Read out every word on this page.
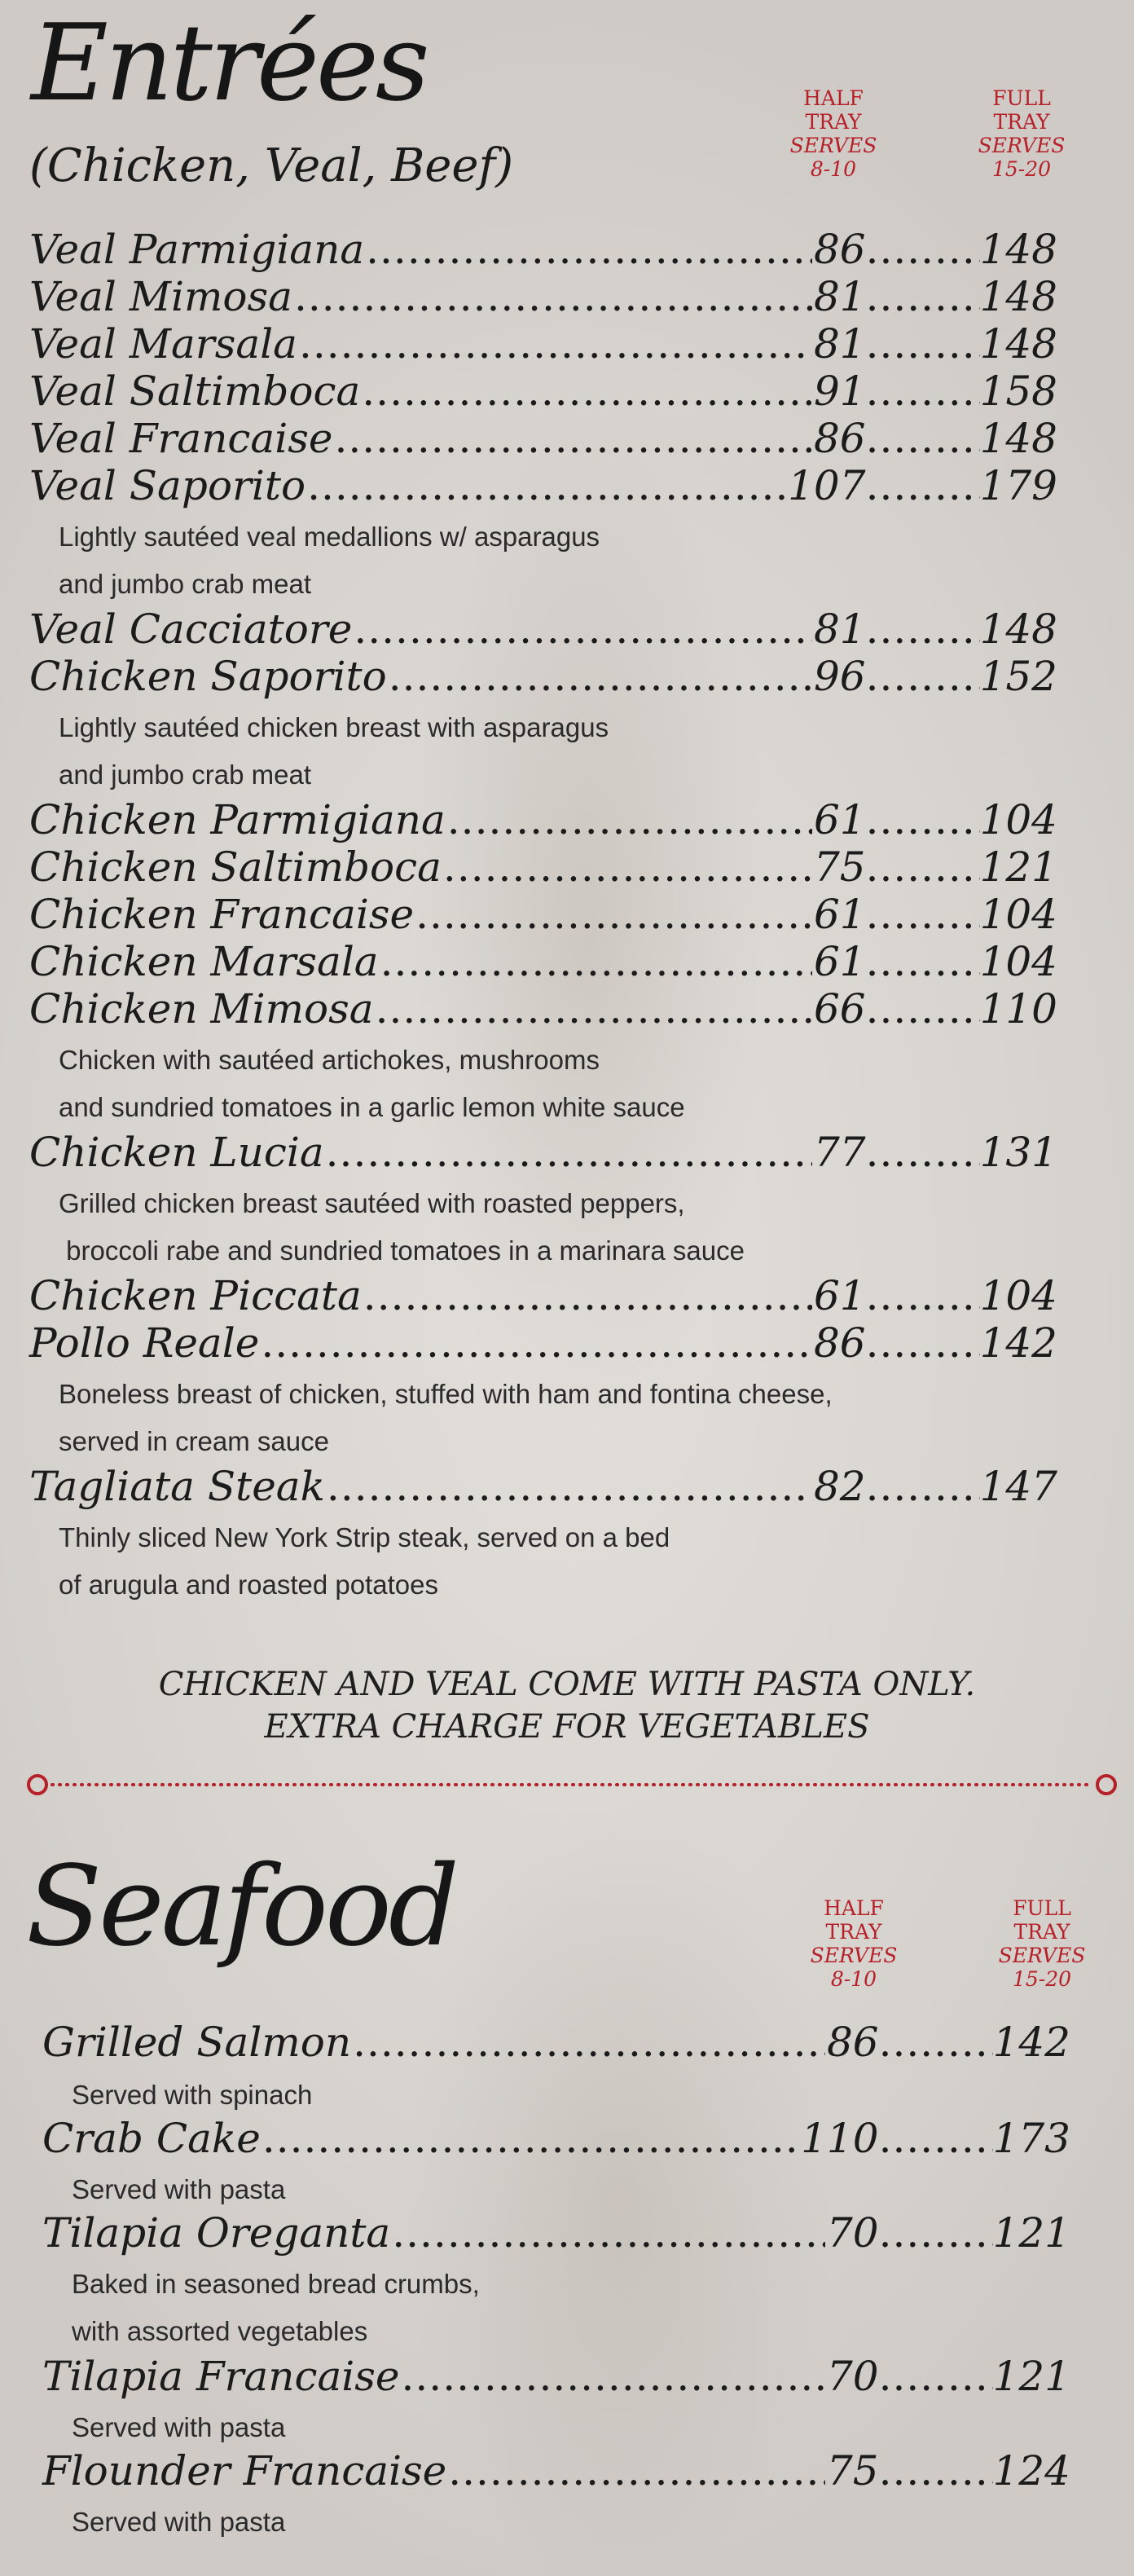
Entrées
(Chicken, Veal, Beef)
HALF
TRAY
SERVES
8-10
FULL
TRAY
SERVES
15-20
Veal Parmigiana .....	86 .....	148
Veal Mimosa .....	81 .....	148
Veal Marsala .....	81 .....	148
Veal Saltimboca .....	91 .....	158
Veal Francaise .....	86 .....	148
Veal Saporito .....	107 .....	179
Lightly sautéed veal medallions w/ asparagus
and jumbo crab meat
Veal Cacciatore .....	81 .....	148
Chicken Saporito .....	96 .....	152
Lightly sautéed chicken breast with asparagus
and jumbo crab meat
Chicken Parmigiana .....	61 .....	104
Chicken Saltimboca .....	75 .....	121
Chicken Francaise .....	61 .....	104
Chicken Marsala .....	61 .....	104
Chicken Mimosa .....	66 .....	110
Chicken with sautéed artichokes, mushrooms
and sundried tomatoes in a garlic lemon white sauce
Chicken Lucia .....	77 .....	131
Grilled chicken breast sautéed with roasted peppers,
broccoli rabe and sundried tomatoes in a marinara sauce
Chicken Piccata .....	61 .....	104
Pollo Reale .....	86 .....	142
Boneless breast of chicken, stuffed with ham and fontina cheese,
served in cream sauce
Tagliata Steak .....	82 .....	147
Thinly sliced New York Strip steak, served on a bed
of arugula and roasted potatoes
CHICKEN AND VEAL COME WITH PASTA ONLY.
EXTRA CHARGE FOR VEGETABLES
Seafood	HALF
TRAY
SERVES
8-10
FULL
TRAY
SERVES
15-20
Grilled Salmon .....	86 .....	142
Served with spinach
Crab Cake .....	110 .....	173
Served with pasta
Tilapia Oreganta .....	70 .....	121
Baked in seasoned bread crumbs,
with assorted vegetables
Tilapia Francaise .....	70 .....	121
Served with pasta
Flounder Francaise .....	75 .....	124
Served with pasta
